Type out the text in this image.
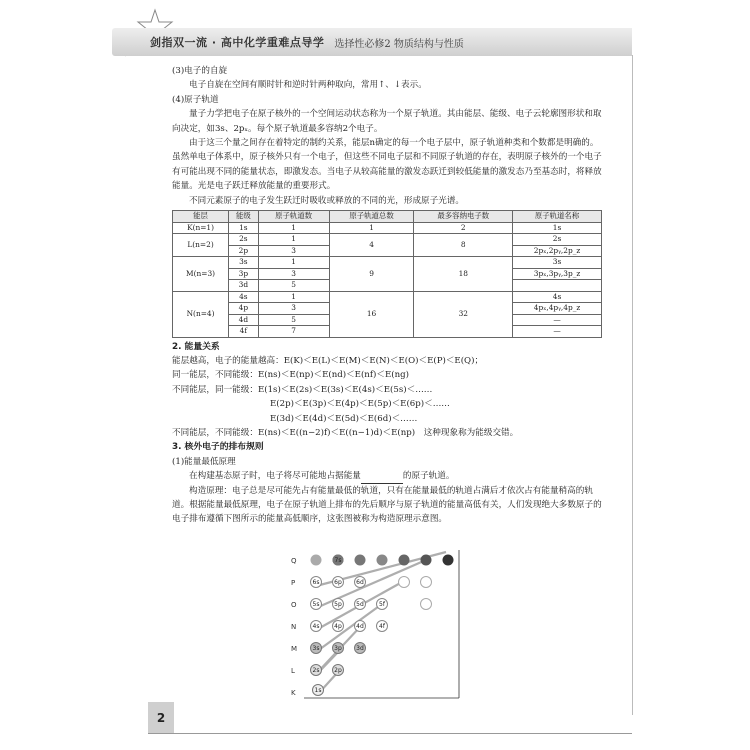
剑指双一流 · 高中化学重难点导学 选择性必修2 物质结构与性质

(3)电子的自旋

电子自旋在空间有顺时针和逆时针两种取向，常用↑、↓表示。

(4)原子轨道

量子力学把电子在原子核外的一个空间运动状态称为一个原子轨道。其由能层、能级、电子云轮廓图形状和取向决定，如3s、2pₓ。每个原子轨道最多容纳2个电子。

由于这三个量之间存在着特定的制约关系，能层n确定的每一个电子层中，原子轨道种类和个数都是明确的。虽然单电子体系中，原子核外只有一个电子，但这些不同电子层和不同原子轨道的存在，表明原子核外的一个电子有可能出现不同的能量状态，即激发态。当电子从较高能量的激发态跃迁到较低能量的激发态乃至基态时，将释放能量。光是电子跃迁释放能量的重要形式。

不同元素原子的电子发生跃迁时吸收或释放的不同的光，形成原子光谱。

能层	能级	原子轨道数	原子轨道总数	最多容纳电子数	原子轨道名称
K(n=1)	1s	1	1	2	1s
L(n=2)	2s	1	4	8	2s
	2p	3			2pₓ,2pᵧ,2p_z
M(n=3)	3s	1	9	18	3s
	3p	3			3pₓ,3pᵧ,3p_z
	3d	5			
N(n=4)	4s	1	16	32	4s
	4p	3			4pₓ,4pᵧ,4p_z
	4d	5			—
	4f	7			—

2. 能量关系

能层越高，电子的能量越高：E(K)＜E(L)＜E(M)＜E(N)＜E(O)＜E(P)＜E(Q)；

同一能层，不同能级：E(ns)＜E(np)＜E(nd)＜E(nf)＜E(ng)

不同能层，同一能级：E(1s)＜E(2s)＜E(3s)＜E(4s)＜E(5s)＜……

E(2p)＜E(3p)＜E(4p)＜E(5p)＜E(6p)＜……

E(3d)＜E(4d)＜E(5d)＜E(6d)＜……

不同能层，不同能级：E(ns)＜E((n−2)f)＜E((n−1)d)＜E(np)　这种现象称为能级交错。

3. 核外电子的排布规则

(1)能量最低原理

在构建基态原子时，电子将尽可能地占据能量	的原子轨道。

构造原理：电子总是尽可能先占有能量最低的轨道，只有在能量最低的轨道占满后才依次占有能量稍高的轨道。根据能量最低原理，电子在原子轨道上排布的先后顺序与原子轨道的能量高低有关，人们发现绝大多数原子的电子排布遵循下图所示的能量高低顺序，这张图被称为构造原理示意图。

Q
P
O
N
M
L
K
7s
6s 6p 6d
5s 5p 5d	5f
4s 4p 4d	4f
3s 3p 3d
2s 2p
1s
2
